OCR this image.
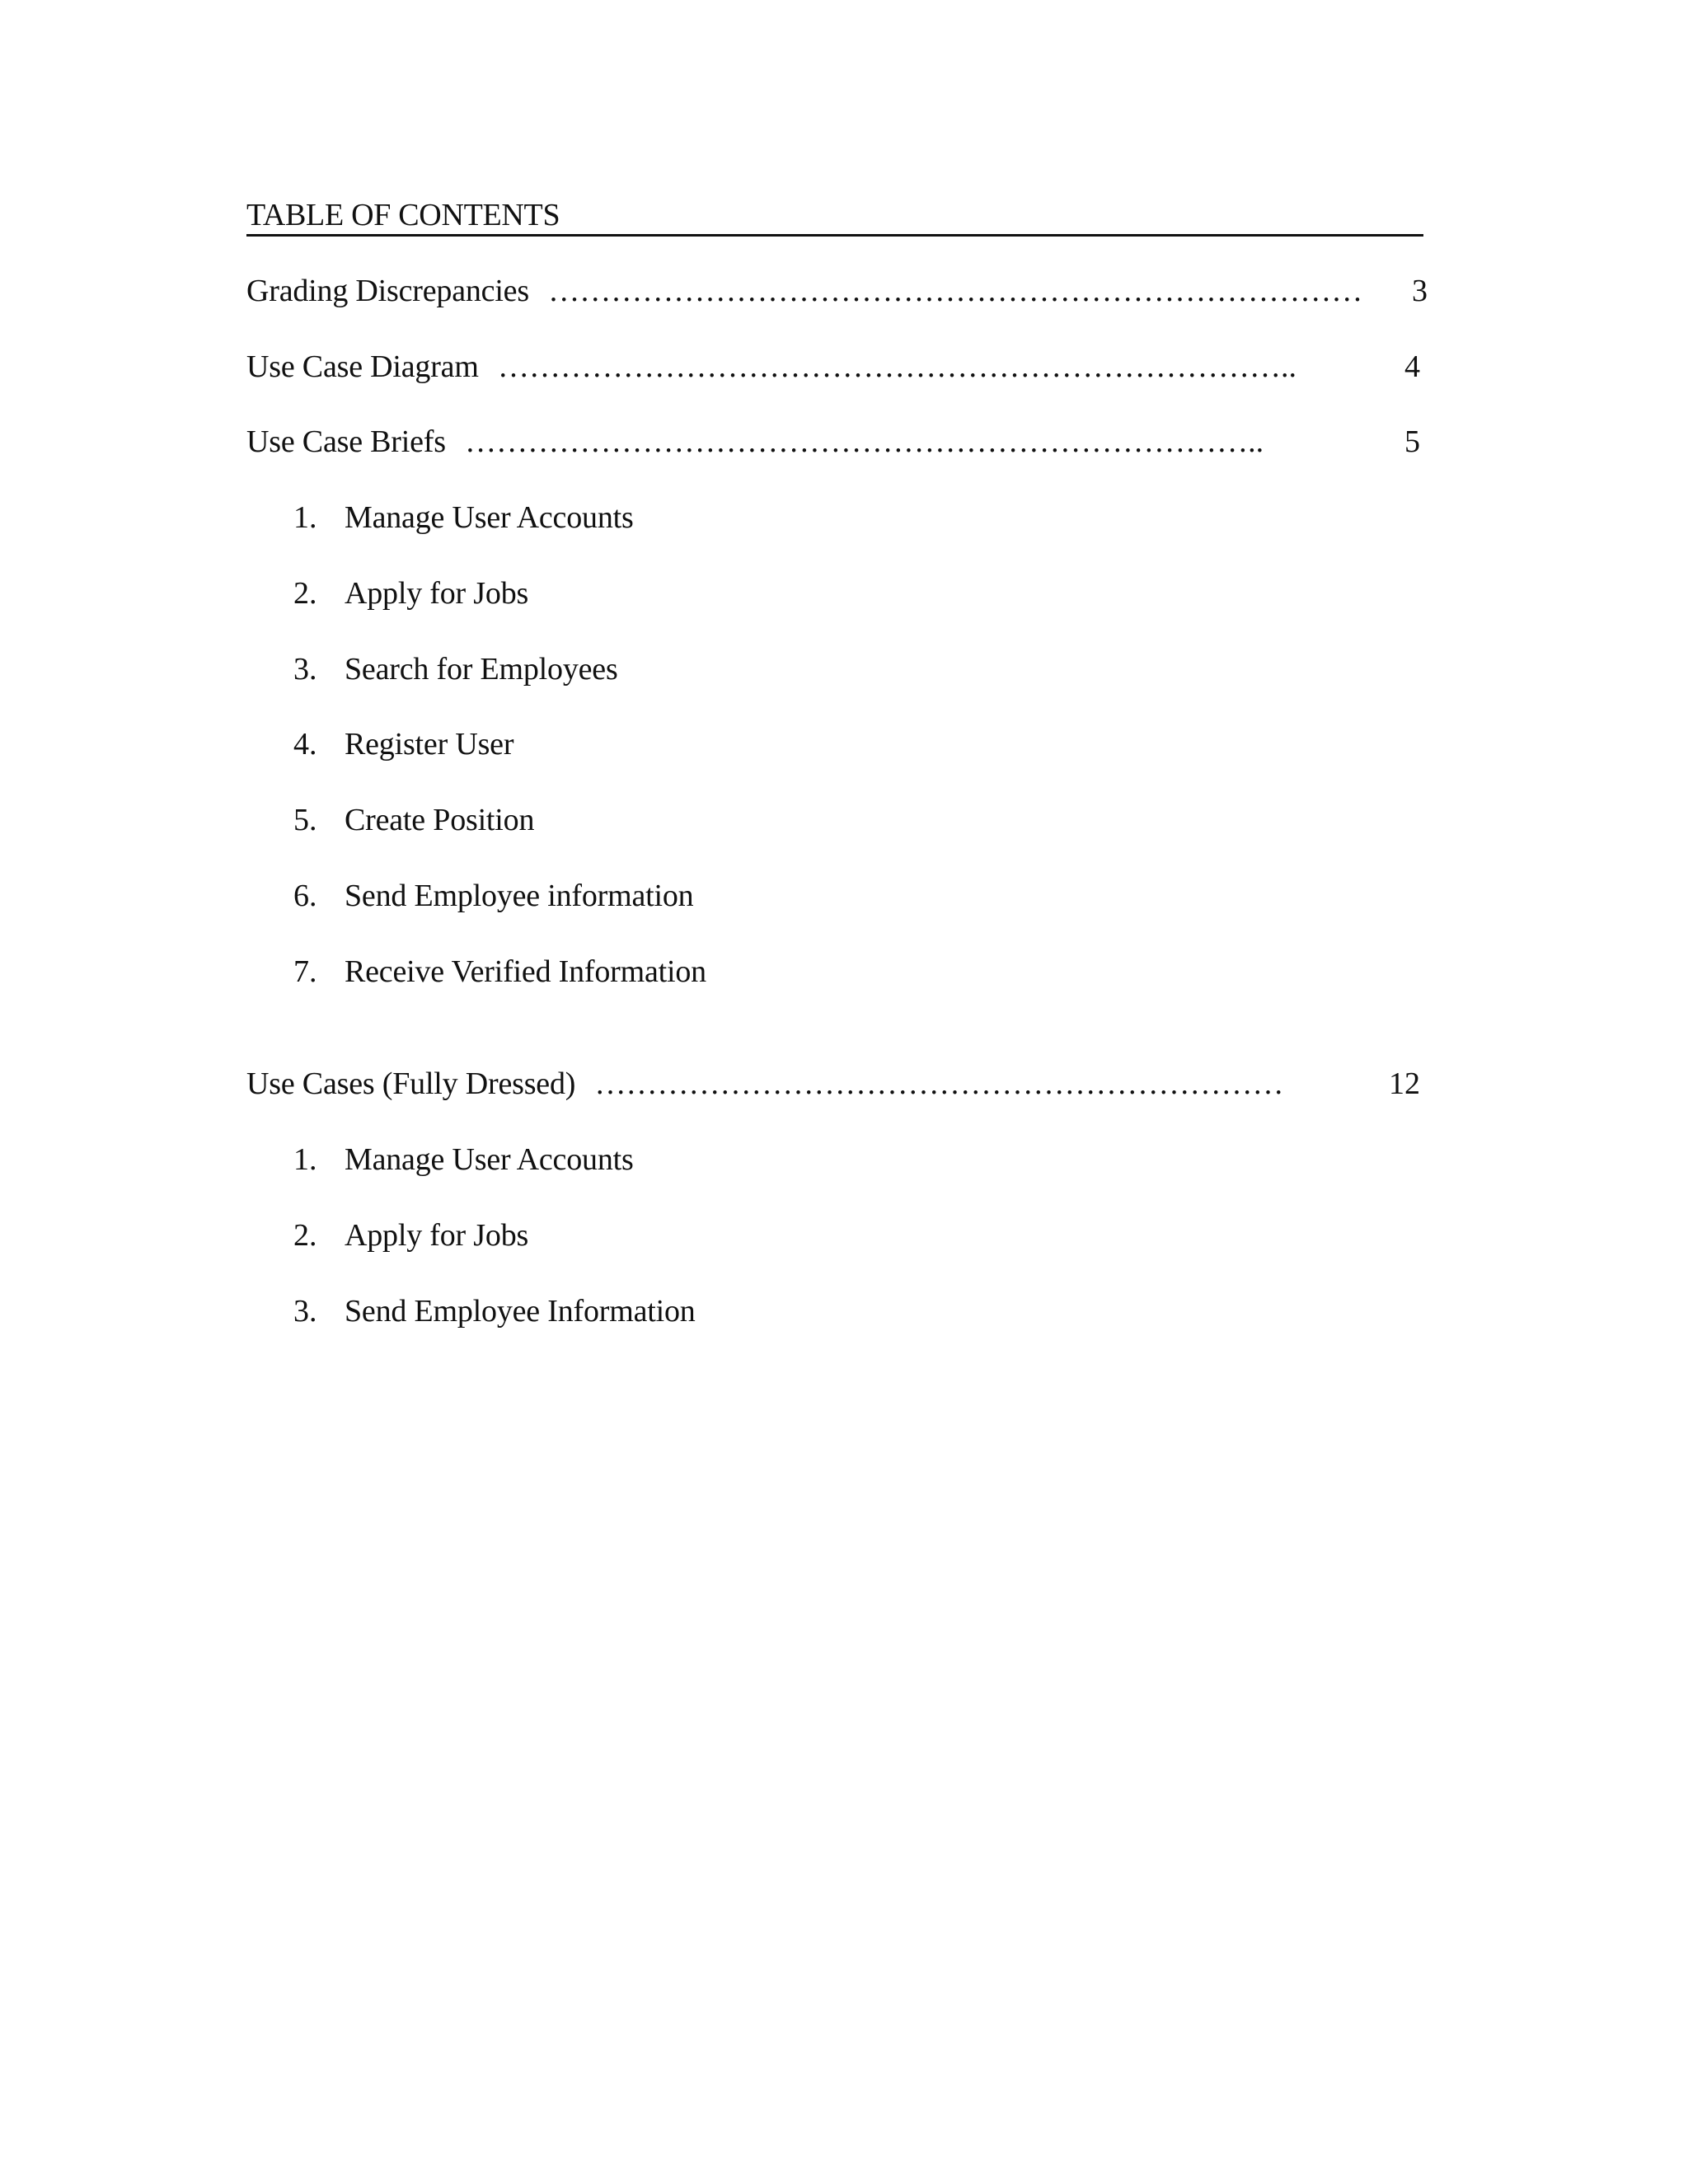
TABLE OF CONTENTS
Grading Discrepancies ……………………………………………………………………	3
Use Case Diagram …………………………………………………………………..	4
Use Case Briefs …………………………………………………………………..	5
1. Manage User Accounts
2. Apply for Jobs
3. Search for Employees
4. Register User
5. Create Position
6. Send Employee information
7. Receive Verified Information
Use Cases (Fully Dressed) …………………………………………………………	12
1. Manage User Accounts
2. Apply for Jobs
3. Send Employee Information
